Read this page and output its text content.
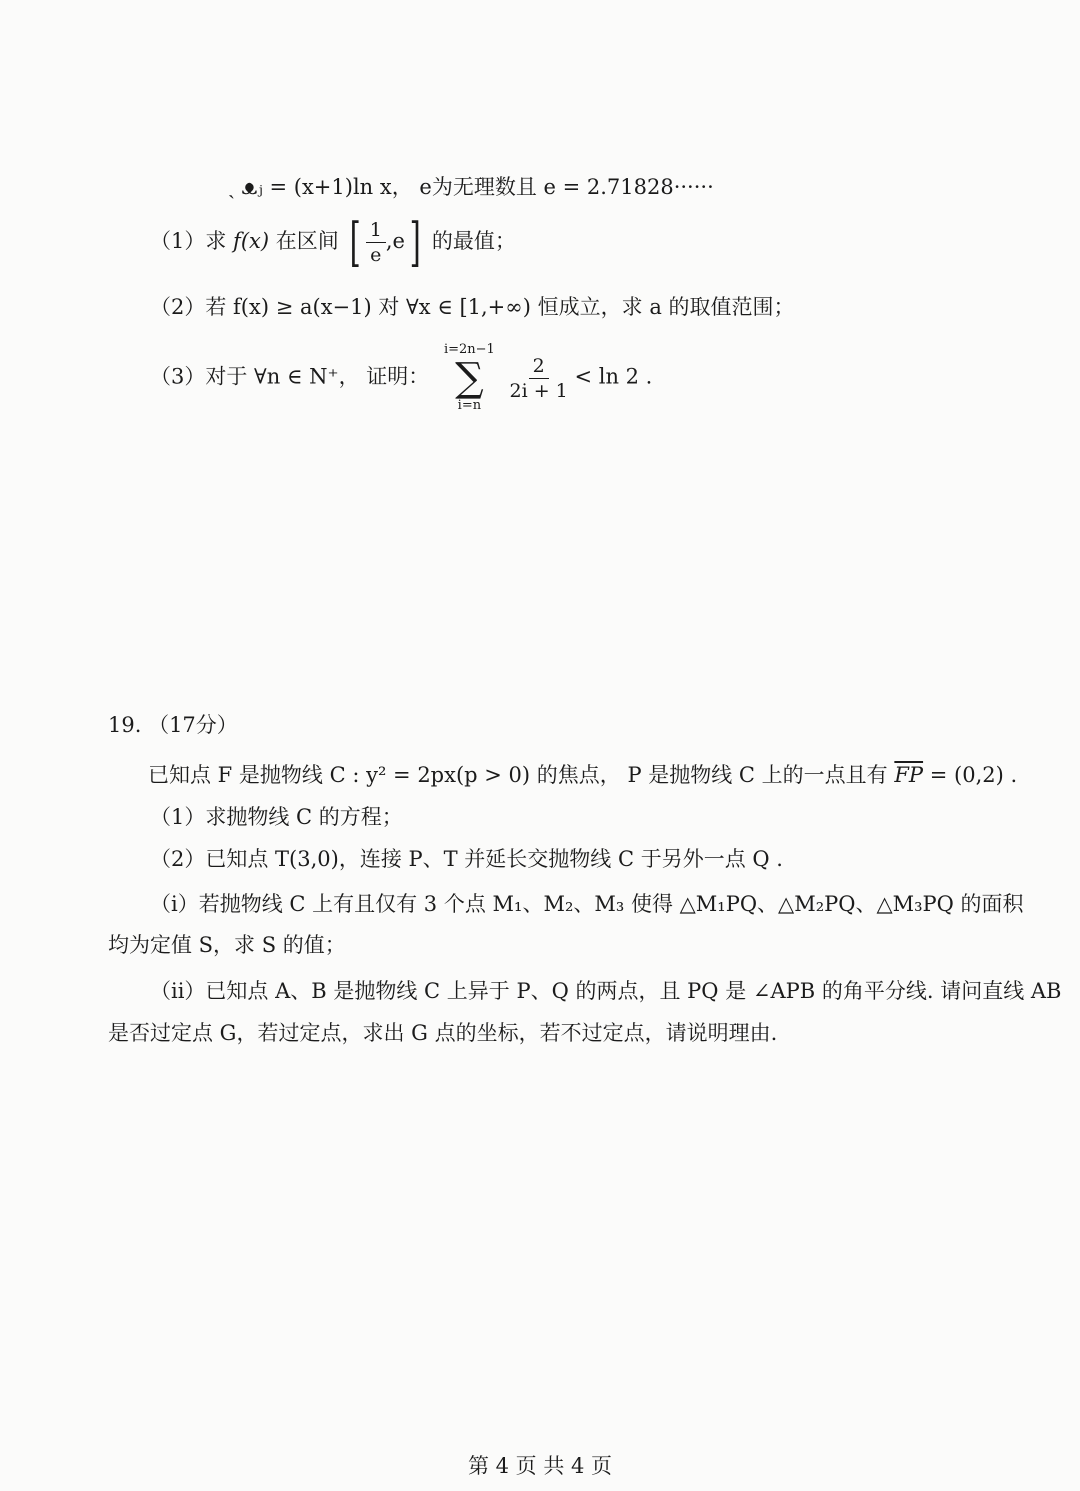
ˏ ᴥⱼ = (x+1)ln x， e为无理数且 e = 2.71828······
（1）求 f(x) 在区间 [ $\frac{1}{e} ,e$] 的最值；
（2）若 f(x) ≥ a(x−1) 对 ∀x ∈ [1,+∞) 恒成立，求 a 的取值范围；
（3）对于 ∀n ∈ N⁺， 证明：
i=2n−1
∑
i=n

$\frac{2}{2i + 1} < \ln 2$ .
19. （17分）
已知点 F 是抛物线 C : y² = 2px(p > 0) 的焦点， P 是抛物线 C 上的一点且有 $\overline{FP} = (0,2)$ .
（1）求抛物线 C 的方程；
（2）已知点 T(3,0)，连接 P、T 并延长交抛物线 C 于另外一点 Q .
（i）若抛物线 C 上有且仅有 3 个点 M₁、M₂、M₃ 使得 △M₁PQ、△M₂PQ、△M₃PQ 的面积
均为定值 S，求 S 的值；
（ii）已知点 A、B 是抛物线 C 上异于 P、Q 的两点，且 PQ 是 ∠APB 的角平分线. 请问直线 AB
是否过定点 G，若过定点，求出 G 点的坐标，若不过定点，请说明理由.
第 4 页 共 4 页
